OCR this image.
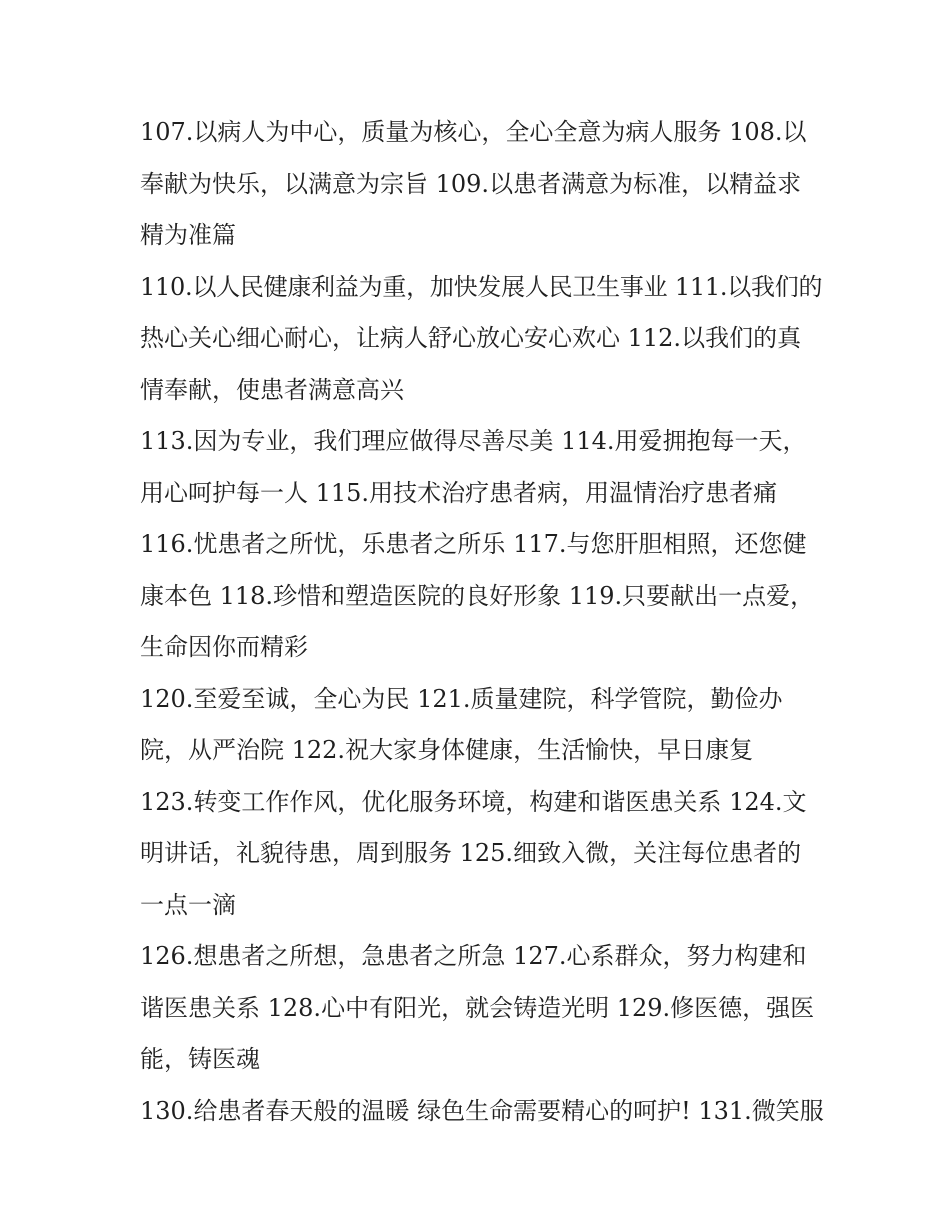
107.以病人为中心，质量为核心，全心全意为病人服务 108.以
奉献为快乐，以满意为宗旨 109.以患者满意为标准，以精益求
精为准篇
110.以人民健康利益为重，加快发展人民卫生事业 111.以我们的
热心关心细心耐心，让病人舒心放心安心欢心 112.以我们的真
情奉献，使患者满意高兴
113.因为专业，我们理应做得尽善尽美 114.用爱拥抱每一天，
用心呵护每一人 115.用技术治疗患者病，用温情治疗患者痛
116.忧患者之所忧，乐患者之所乐 117.与您肝胆相照，还您健
康本色 118.珍惜和塑造医院的良好形象 119.只要献出一点爱，
生命因你而精彩
120.至爱至诚，全心为民 121.质量建院，科学管院，勤俭办
院，从严治院 122.祝大家身体健康，生活愉快，早日康复
123.转变工作作风，优化服务环境，构建和谐医患关系 124.文
明讲话，礼貌待患，周到服务 125.细致入微，关注每位患者的
一点一滴
126.想患者之所想，急患者之所急 127.心系群众，努力构建和
谐医患关系 128.心中有阳光，就会铸造光明 129.修医德，强医
能，铸医魂
130.给患者春天般的温暖 绿色生命需要精心的呵护! 131.微笑服
